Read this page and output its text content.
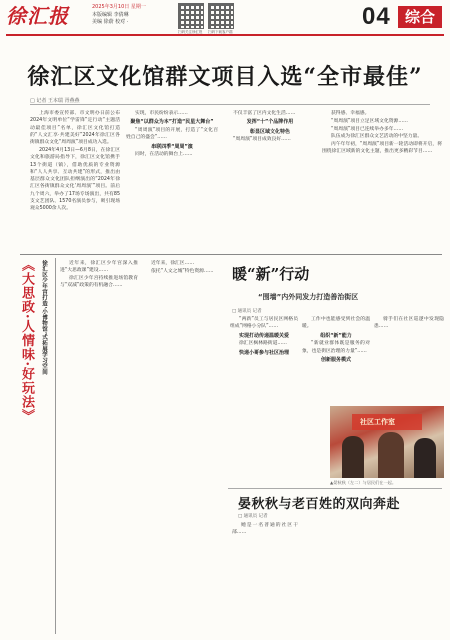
徐汇报	2025年3月10日 星期一
本版编辑 李倩琳
美编 徐蔚 校对 ·
扫码关注徐汇报 扫码下载客户端
04 综合
徐汇区文化馆群文项目入选“全市最佳”
□ 记者 王本瑞 胥燕燕

上海市委宣传部、市文明办日前公布2024年文明单位“学雷锋”定行动“主题活动最佳项目”名单，徐汇区文化馆打造的“人文汇享·共建美好”2024年徐汇区各街镇群众文化“周周演”项目成功入选。

2024年4月13日—6月8日，在徐汇区文化和旅游局指导下，徐汇区文化馆携手13个街道（镇），借助优质的专业资源和“人人共享、互动共建”的形式，推出由基层群众文化团队担纲演出的“2024年徐汇区各街镇群众文化‘周周演’”项目。前后九个周六，举办了17场专场演出，共有85支文艺团队、1570名演员参与，吸引现场观众5000余人次。

实现，市民纷纷表示……

聚焦“以群众为本”打造“民星大舞台”

“周周演”项目的开展，打造了“文化百姓自己的盛会”……

串联四季“周周”演

同时，在活动的舞台上……

不仅丰富了区内文化生活……

发挥“十”个品牌作用

彰显区域文化特色

“周周演”项目成效良好……

获得感、幸福感。

“周周演”项目立足区域文化资源……

“周周演”项目已连续举办多年……

队伍成为徐汇区群众文艺活动的中坚力量。

丙午年年初，“周周演”项目新一轮活动即将开启，将围绕徐汇区域新的文化主题，推出更多精彩节目……

《大思政·人情味·好玩法》	徐汇区少年宫打造‘小博物馆’式拓展学习空间	近年来，徐汇区少年宫深入推进“大思政课”建设……

徐汇区少年宫持续推进场馆教育与“双减”政策的有机融合……

近年来，徐汇区……

依托“人文之城”特色资源……	暖“新”行动
“围墙”内外同发力打造善治街区
□ 通讯员 记者

“两新”员工与居民区网格员组成“网格小分队”……

实现打动传递温暖关爱

徐汇区枫林路街道……

快递小哥参与社区治理

工作中也能感受到社会的温暖。

组织“新”能力

“新就业群体既是服务的对象，也是街区治理的力量”……

创新服务模式

骑手们在社区巡逻中发现隐患……

社区工作室
▲晏秋秋（左二）与居民们在一起。
晏秋秋与老百姓的双向奔赴
□ 通讯员 记者

她是一名普通的社区干部……
